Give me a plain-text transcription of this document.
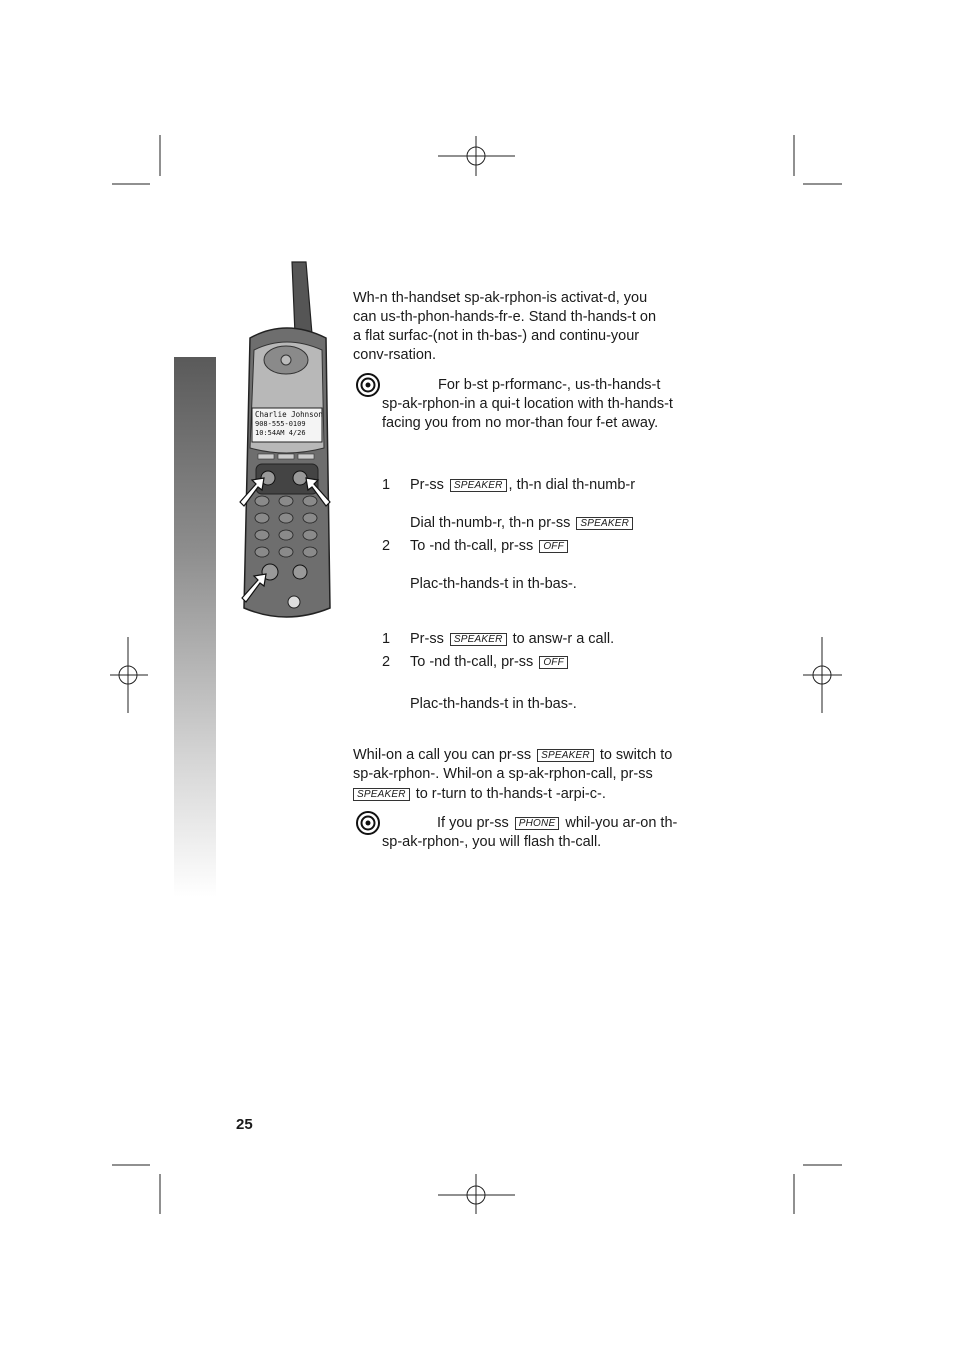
Charlie Johnson
908-555-0109
10:54AM 4/26
Wh-n th-handset sp-ak-rphon-is activat-d, you
can us-th-phon-hands-fr-e. Stand th-hands-t on
a flat surfac-(not in th-bas-) and continu-your
conv-rsation.
For b-st p-rformanc-, us-th-hands-t
sp-ak-rphon-in a qui-t location with th-hands-t
facing you from no mor-than four f-et away.
1	Pr-ss SPEAKER , th-n dial th-numb-r
Dial th-numb-r, th-n pr-ss SPEAKER
2	To -nd th-call, pr-ss OFF
Plac-th-hands-t in th-bas-.
1	Pr-ss SPEAKER to answ-r a call.
2	To -nd th-call, pr-ss OFF
Plac-th-hands-t in th-bas-.
Whil-on a call you can pr-ss SPEAKER to switch to
sp-ak-rphon-. Whil-on a sp-ak-rphon-call, pr-ss
SPEAKER to r-turn to th-hands-t -arpi-c-.
If you pr-ss PHONE whil-you ar-on th-
sp-ak-rphon-, you will flash th-call.
25
